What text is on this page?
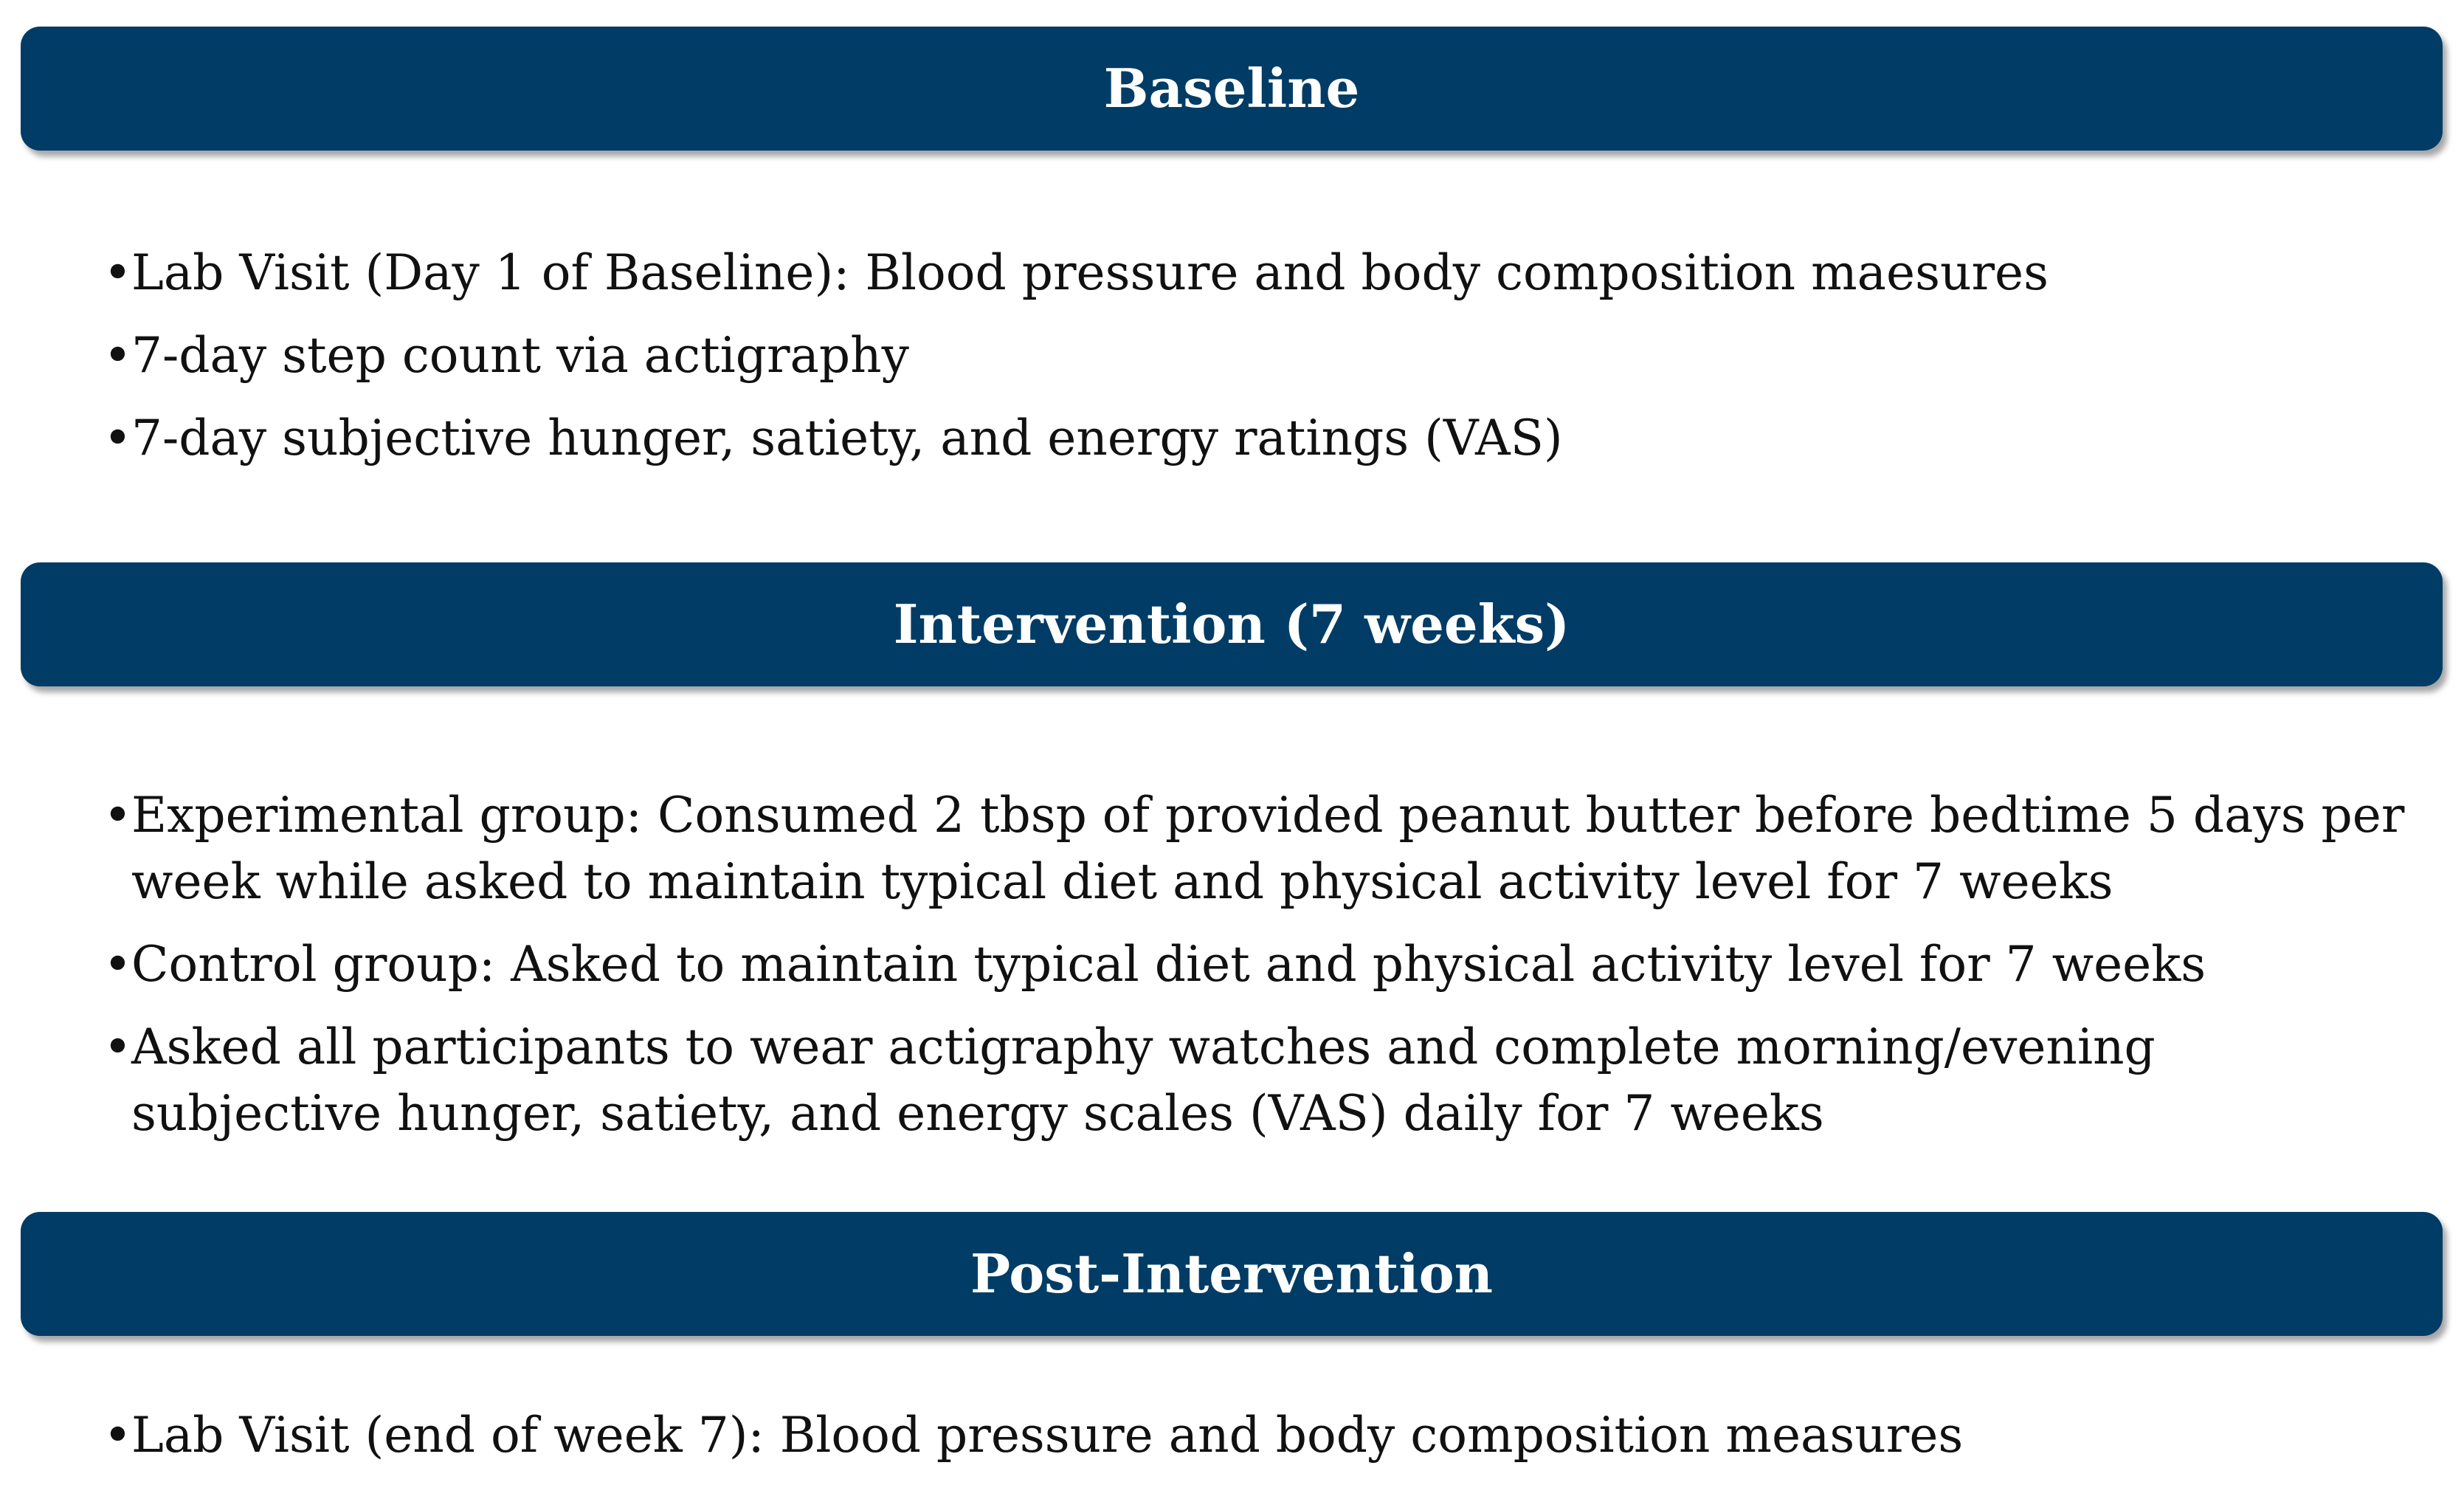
Baseline
• Lab Visit (Day 1 of Baseline): Blood pressure and body composition maesures
• 7-day step count via actigraphy
• 7-day subjective hunger, satiety, and energy ratings (VAS)
Intervention (7 weeks)
• Experimental group: Consumed 2 tbsp of provided peanut butter before bedtime 5 days per week while asked to maintain typical diet and physical activity level for 7 weeks
• Control group: Asked to maintain typical diet and physical activity level for 7 weeks
• Asked all participants to wear actigraphy watches and complete morning/evening subjective hunger, satiety, and energy scales (VAS) daily for 7 weeks
Post-Intervention
• Lab Visit (end of week 7): Blood pressure and body composition measures
